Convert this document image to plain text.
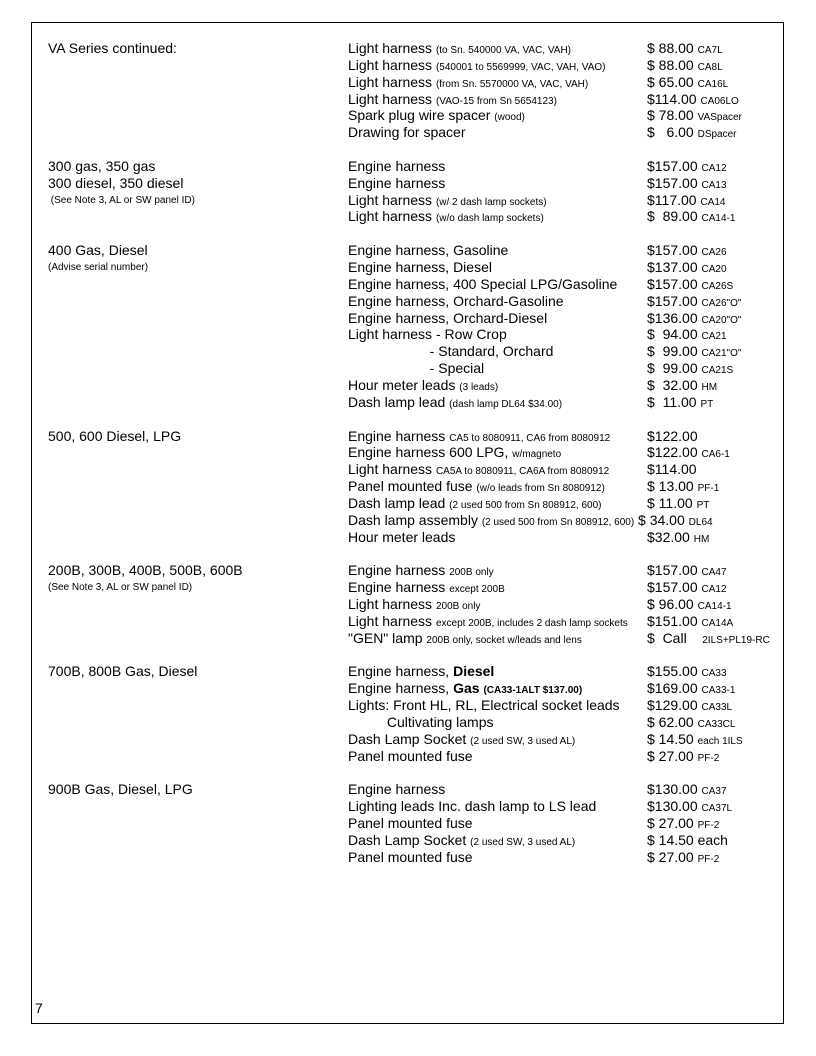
VA Series continued:	Light harness (to Sn. 540000 VA, VAC, VAH)	$ 88.00 CA7L
Light harness (540001 to 5569999, VAC, VAH, VAO)	$ 88.00 CA8L
Light harness (from Sn. 5570000 VA, VAC, VAH)	$ 65.00 CA16L
Light harness (VAO-15 from Sn 5654123)	$114.00 CA06LO
Spark plug wire spacer (wood)	$ 78.00 VASpacer
Drawing for spacer	$   6.00 DSpacer
300 gas, 350 gas	Engine harness	$157.00 CA12
300 diesel, 350 diesel	Engine harness	$157.00 CA13
(See Note 3, AL or SW panel ID)	Light harness (w/ 2 dash lamp sockets)	$117.00 CA14
Light harness (w/o dash lamp sockets)	$  89.00 CA14-1
400 Gas, Diesel	Engine harness, Gasoline	$157.00 CA26
(Advise serial number)	Engine harness, Diesel	$137.00 CA20
Engine harness, 400 Special LPG/Gasoline $157.00 CA26S
Engine harness, Orchard-Gasoline	$157.00 CA26"O"
Engine harness, Orchard-Diesel	$136.00 CA20"O"
Light harness - Row Crop	$  94.00 CA21
- Standard, Orchard	$  99.00 CA21"O"
- Special	$  99.00 CA21S
Hour meter leads (3 leads)	$  32.00 HM
Dash lamp lead (dash lamp DL64 $34.00)	$  11.00 PT
500, 600 Diesel, LPG	Engine harness CA5 to 8080911, CA6 from 8080912	$122.00
Engine harness 600 LPG, w/magneto	$122.00 CA6-1
Light harness CA5A to 8080911, CA6A from 8080912	$114.00
Panel mounted fuse (w/o leads from Sn 8080912)	$ 13.00 PF-1
Dash lamp lead (2 used 500 from Sn 808912, 600)	$ 11.00 PT
Dash lamp assembly (2 used 500 from Sn 808912, 600) $ 34.00 DL64
Hour meter leads	$32.00 HM
200B, 300B, 400B, 500B, 600B	Engine harness 200B only	$157.00 CA47
(See Note 3, AL or SW panel ID)	Engine harness except 200B	$157.00 CA12
Light harness 200B only	$ 96.00 CA14-1
Light harness except 200B, includes 2 dash lamp sockets $151.00 CA14A
"GEN" lamp 200B only, socket w/leads and lens	$  Call    2ILS+PL19-RC
700B, 800B Gas, Diesel	Engine harness, Diesel	$155.00 CA33
Engine harness, Gas (CA33-1ALT $137.00)	$169.00 CA33-1
Lights: Front HL, RL, Electrical socket leads $129.00 CA33L
Cultivating lamps	$ 62.00 CA33CL
Dash Lamp Socket (2 used SW, 3 used AL)	$ 14.50 each 1ILS
Panel mounted fuse	$ 27.00 PF-2
900B Gas, Diesel, LPG	Engine harness	$130.00 CA37
Lighting leads Inc. dash lamp to LS lead	$130.00 CA37L
Panel mounted fuse	$ 27.00 PF-2
Dash Lamp Socket (2 used SW, 3 used AL)	$ 14.50 each
Panel mounted fuse	$ 27.00 PF-2
7
